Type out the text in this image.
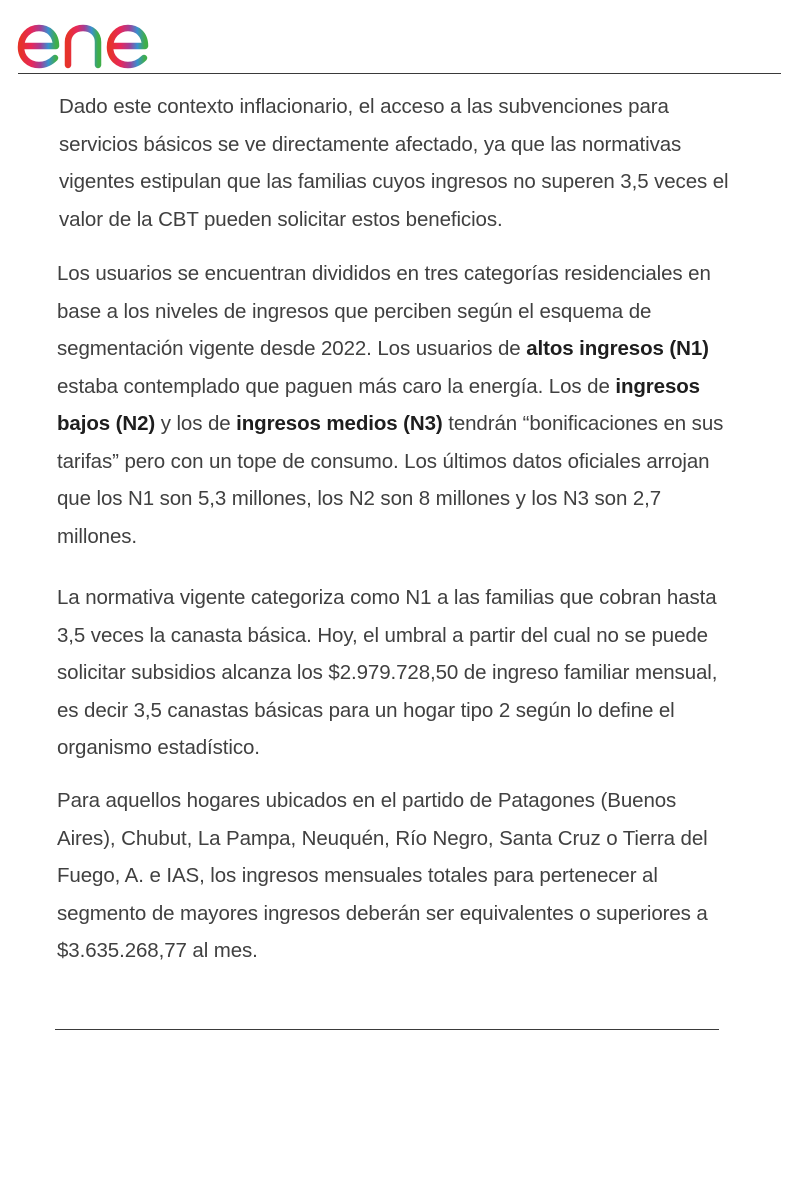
Dado este contexto inflacionario, el acceso a las subvenciones para servicios básicos se ve directamente afectado, ya que las normativas vigentes estipulan que las familias cuyos ingresos no superen 3,5 veces el valor de la CBT pueden solicitar estos beneficios.

Los usuarios se encuentran divididos en tres categorías residenciales en base a los niveles de ingresos que perciben según el esquema de segmentación vigente desde 2022. Los usuarios de altos ingresos (N1) estaba contemplado que paguen más caro la energía. Los de ingresos bajos (N2) y los de ingresos medios (N3) tendrán “bonificaciones en sus tarifas” pero con un tope de consumo. Los últimos datos oficiales arrojan que los N1 son 5,3 millones, los N2 son 8 millones y los N3 son 2,7 millones.

La normativa vigente categoriza como N1 a las familias que cobran hasta 3,5 veces la canasta básica. Hoy, el umbral a partir del cual no se puede solicitar subsidios alcanza los $2.979.728,50 de ingreso familiar mensual, es decir 3,5 canastas básicas para un hogar tipo 2 según lo define el organismo estadístico.

Para aquellos hogares ubicados en el partido de Patagones (Buenos Aires), Chubut, La Pampa, Neuquén, Río Negro, Santa Cruz o Tierra del Fuego, A. e IAS, los ingresos mensuales totales para pertenecer al segmento de mayores ingresos deberán ser equivalentes o superiores a $3.635.268,77 al mes.
